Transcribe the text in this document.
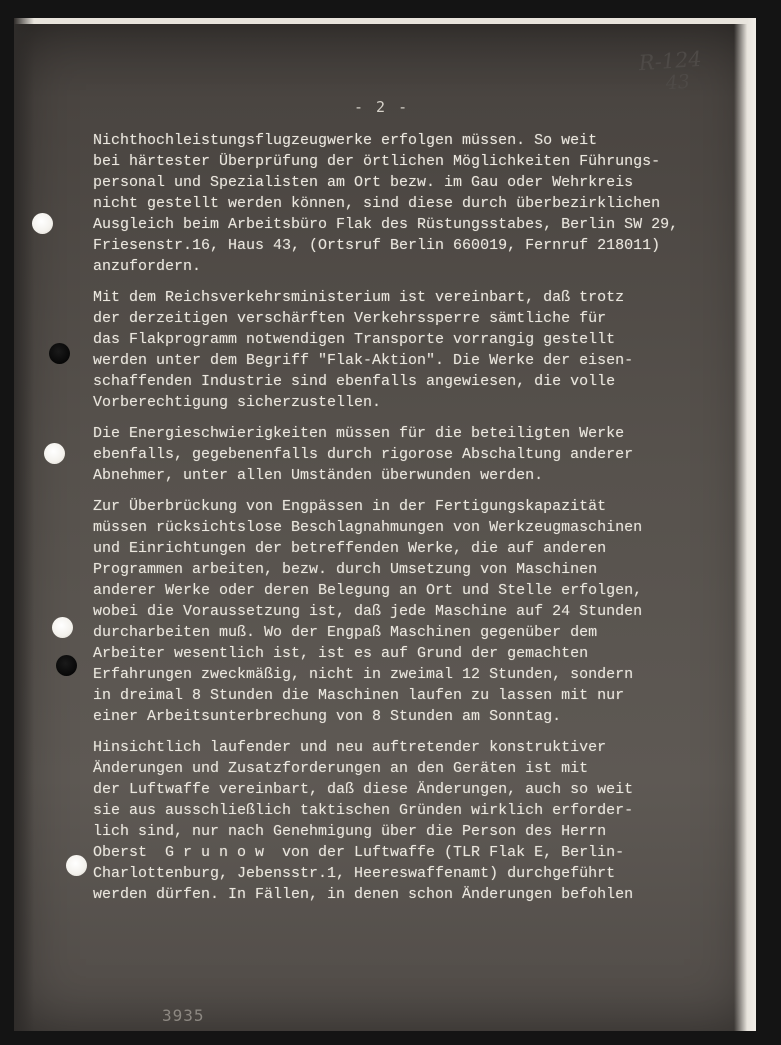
R-124
43
- 2 -
Nichthochleistungsflugzeugwerke erfolgen müssen. So weit
bei härtester Überprüfung der örtlichen Möglichkeiten Führungs-
personal und Spezialisten am Ort bezw. im Gau oder Wehrkreis
nicht gestellt werden können, sind diese durch überbezirklichen
Ausgleich beim Arbeitsbüro Flak des Rüstungsstabes, Berlin SW 29,
Friesenstr.16, Haus 43, (Ortsruf Berlin 660019, Fernruf 218011)
anzufordern.
Mit dem Reichsverkehrsministerium ist vereinbart, daß trotz
der derzeitigen verschärften Verkehrssperre sämtliche für
das Flakprogramm notwendigen Transporte vorrangig gestellt
werden unter dem Begriff "Flak-Aktion". Die Werke der eisen-
schaffenden Industrie sind ebenfalls angewiesen, die volle
Vorberechtigung sicherzustellen.
Die Energieschwierigkeiten müssen für die beteiligten Werke
ebenfalls, gegebenenfalls durch rigorose Abschaltung anderer
Abnehmer, unter allen Umständen überwunden werden.
Zur Überbrückung von Engpässen in der Fertigungskapazität
müssen rücksichtslose Beschlagnahmungen von Werkzeugmaschinen
und Einrichtungen der betreffenden Werke, die auf anderen
Programmen arbeiten, bezw. durch Umsetzung von Maschinen
anderer Werke oder deren Belegung an Ort und Stelle erfolgen,
wobei die Voraussetzung ist, daß jede Maschine auf 24 Stunden
durcharbeiten muß. Wo der Engpaß Maschinen gegenüber dem
Arbeiter wesentlich ist, ist es auf Grund der gemachten
Erfahrungen zweckmäßig, nicht in zweimal 12 Stunden, sondern
in dreimal 8 Stunden die Maschinen laufen zu lassen mit nur
einer Arbeitsunterbrechung von 8 Stunden am Sonntag.
Hinsichtlich laufender und neu auftretender konstruktiver
Änderungen und Zusatzforderungen an den Geräten ist mit
der Luftwaffe vereinbart, daß diese Änderungen, auch so weit
sie aus ausschließlich taktischen Gründen wirklich erforder-
lich sind, nur nach Genehmigung über die Person des Herrn
Oberst  G r u n o w  von der Luftwaffe (TLR Flak E, Berlin-
Charlottenburg, Jebensstr.1, Heereswaffenamt) durchgeführt
werden dürfen. In Fällen, in denen schon Änderungen befohlen
3935
